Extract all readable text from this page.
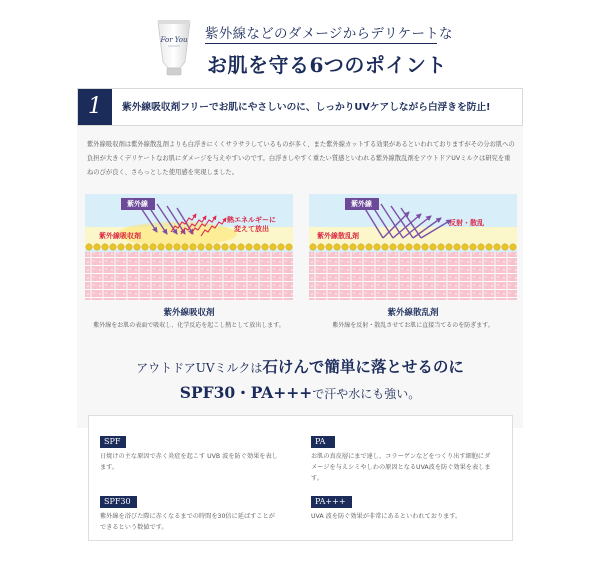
For You 紫外線などのダメージからデリケートな
お肌を守る6つのポイント
1	紫外線吸収剤フリーでお肌にやさしいのに、しっかりUVケアしながら白浮きを防止!
紫外線吸収剤は紫外線散乱剤よりも白浮きにくくサラサラしているものが多く、また紫外線カットする効果があるといわれておりますがその分お肌への負担が大きくデリケートなお肌にダメージを与えやすいのです。白浮きしやすく重たい質感といわれる紫外線散乱剤をアウトドアUVミルクは研究を重ねのびが良く、さらっとした使用感を実現しました。
紫外線
紫外線吸収剤
熱エネルギーに
変えて放出
紫外線
紫外線散乱剤
反射・散乱
紫外線吸収剤
紫外線をお肌の表面で吸収し、化学反応を起こし熱として放出します。
紫外線散乱剤
紫外線を反射・散乱させてお肌に直接当てるのを防ぎます。
アウトドアUVミルクは石けんで簡単に落とせるのに
SPF30・PA+++で汗や水にも強い。
SPF
日焼けの主な原因で赤く炎症を起こす UVB 波を防ぐ効果を表します。
PA
お肌の真皮層にまで達し、コラーゲンなどをつくり出す細胞にダメージを与えシミやしわの原因となるUVA波を防ぐ効果を表します。
SPF30
紫外線を浴びた際に赤くなるまでの時間を30倍に延ばすことができるという数値です。
PA+++
UVA 波を防ぐ効果が非常にあるといわれております。
